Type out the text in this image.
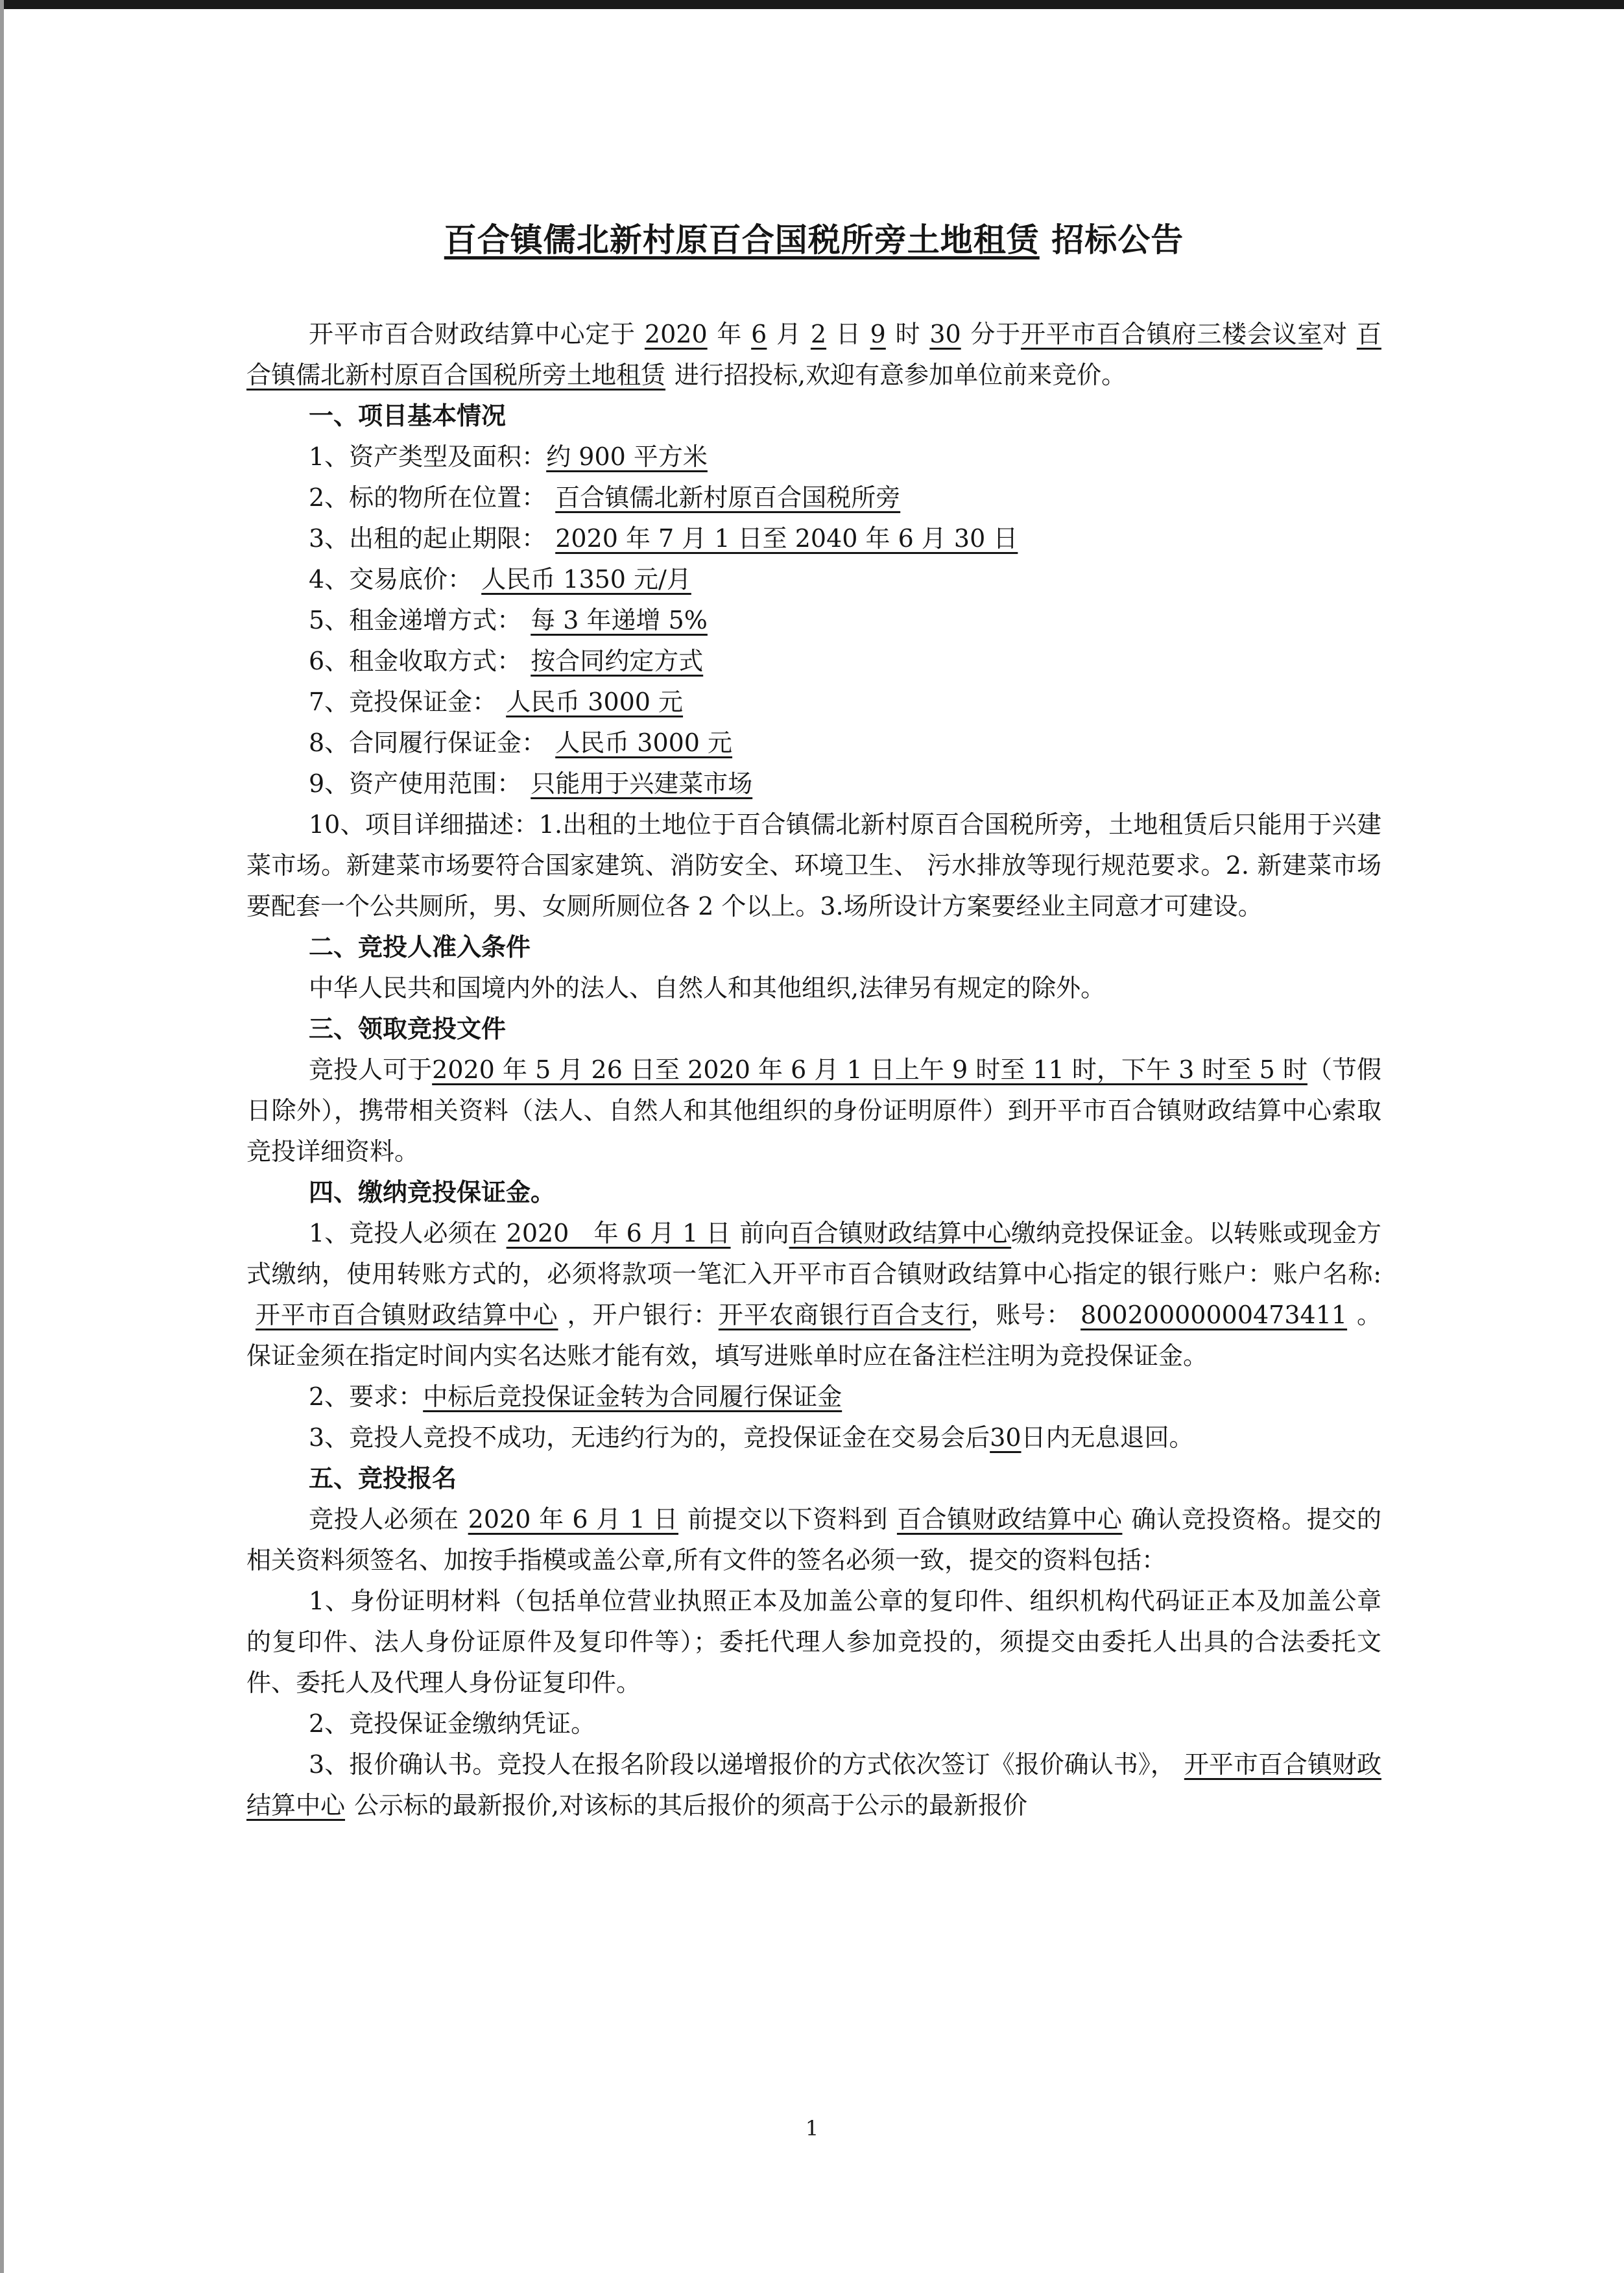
百合镇儒北新村原百合国税所旁土地租赁 招标公告

开平市百合财政结算中心定于 2020 年 6 月 2 日 9 时 30 分于开平市百合镇府三楼会议室对 百合镇儒北新村原百合国税所旁土地租赁 进行招投标,欢迎有意参加单位前来竞价。

一、项目基本情况

1、资产类型及面积：约 900 平方米

2、标的物所在位置： 百合镇儒北新村原百合国税所旁

3、出租的起止期限： 2020 年 7 月 1 日至 2040 年 6 月 30 日

4、交易底价： 人民币 1350 元/月

5、租金递增方式： 每 3 年递增 5%

6、租金收取方式： 按合同约定方式

7、竞投保证金： 人民币 3000 元

8、合同履行保证金： 人民币 3000 元

9、资产使用范围： 只能用于兴建菜市场

10、项目详细描述：1.出租的土地位于百合镇儒北新村原百合国税所旁，土地租赁后只能用于兴建菜市场。新建菜市场要符合国家建筑、消防安全、环境卫生、 污水排放等现行规范要求。2. 新建菜市场要配套一个公共厕所，男、女厕所厕位各 2 个以上。3.场所设计方案要经业主同意才可建设。

二、竞投人准入条件

中华人民共和国境内外的法人、自然人和其他组织,法律另有规定的除外。

三、领取竞投文件

竞投人可于2020 年 5 月 26 日至 2020 年 6 月 1 日上午 9 时至 11 时，下午 3 时至 5 时（节假日除外），携带相关资料（法人、自然人和其他组织的身份证明原件）到开平市百合镇财政结算中心索取竞投详细资料。

四、缴纳竞投保证金。

1、竞投人必须在 2020　年 6 月 1 日 前向百合镇财政结算中心缴纳竞投保证金。以转账或现金方式缴纳，使用转账方式的，必须将款项一笔汇入开平市百合镇财政结算中心指定的银行账户：账户名称:开平市百合镇财政结算中心 ，开户银行：开平农商银行百合支行，账号： 80020000000473411 。保证金须在指定时间内实名达账才能有效，填写进账单时应在备注栏注明为竞投保证金。

2、要求：中标后竞投保证金转为合同履行保证金

3、竞投人竞投不成功，无违约行为的，竞投保证金在交易会后30日内无息退回。

五、竞投报名

竞投人必须在 2020 年 6 月 1 日 前提交以下资料到 百合镇财政结算中心 确认竞投资格。提交的相关资料须签名、加按手指模或盖公章,所有文件的签名必须一致，提交的资料包括：

1、身份证明材料（包括单位营业执照正本及加盖公章的复印件、组织机构代码证正本及加盖公章的复印件、法人身份证原件及复印件等）；委托代理人参加竞投的，须提交由委托人出具的合法委托文件、委托人及代理人身份证复印件。

2、竞投保证金缴纳凭证。

3、报价确认书。竞投人在报名阶段以递增报价的方式依次签订《报价确认书》， 开平市百合镇财政结算中心 公示标的最新报价,对该标的其后报价的须高于公示的最新报价

1
